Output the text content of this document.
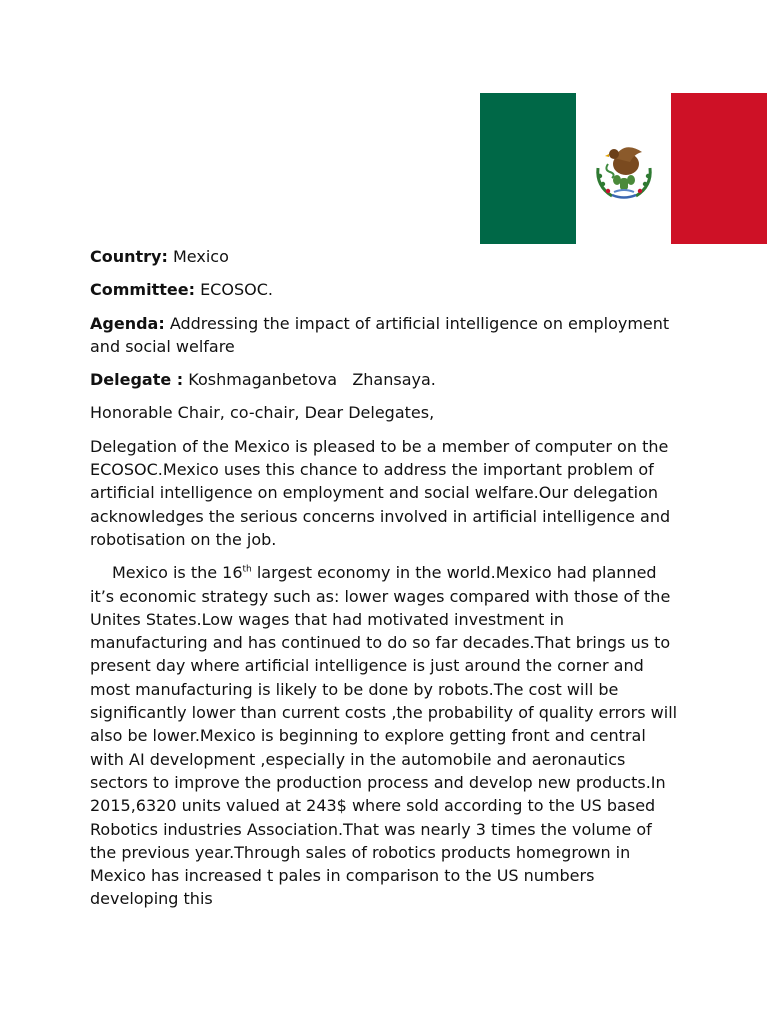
Country: Mexico

Committee: ECOSOC.

Agenda: Addressing the impact of artificial intelligence on employment and social welfare

Delegate : Koshmaganbetova   Zhansaya.

Honorable Chair, co-chair, Dear Delegates,

Delegation of the Mexico is pleased to be a member of computer on the ECOSOC.Mexico uses this chance to address the important problem of artificial intelligence on employment and social welfare.Our delegation acknowledges the serious concerns involved in artificial intelligence and robotisation on the job.

Mexico is the 16th largest economy in the world.Mexico had planned it’s economic strategy such as: lower wages compared with those of the Unites States.Low wages that had motivated investment in manufacturing and has continued to do so far decades.That brings us to present day where artificial intelligence is just around the corner and most manufacturing is likely to be done by robots.The cost will be significantly lower than current costs ,the probability of quality errors will also be lower.Mexico is beginning to explore getting front and central with AI development ,especially in the automobile and aeronautics sectors to improve the production process and develop new products.In 2015,6320 units valued at 243$ where sold according to the US based Robotics industries Association.That was nearly 3 times the volume of the previous year.Through sales of robotics products homegrown in Mexico has increased t pales in comparison to the US numbers developing this
